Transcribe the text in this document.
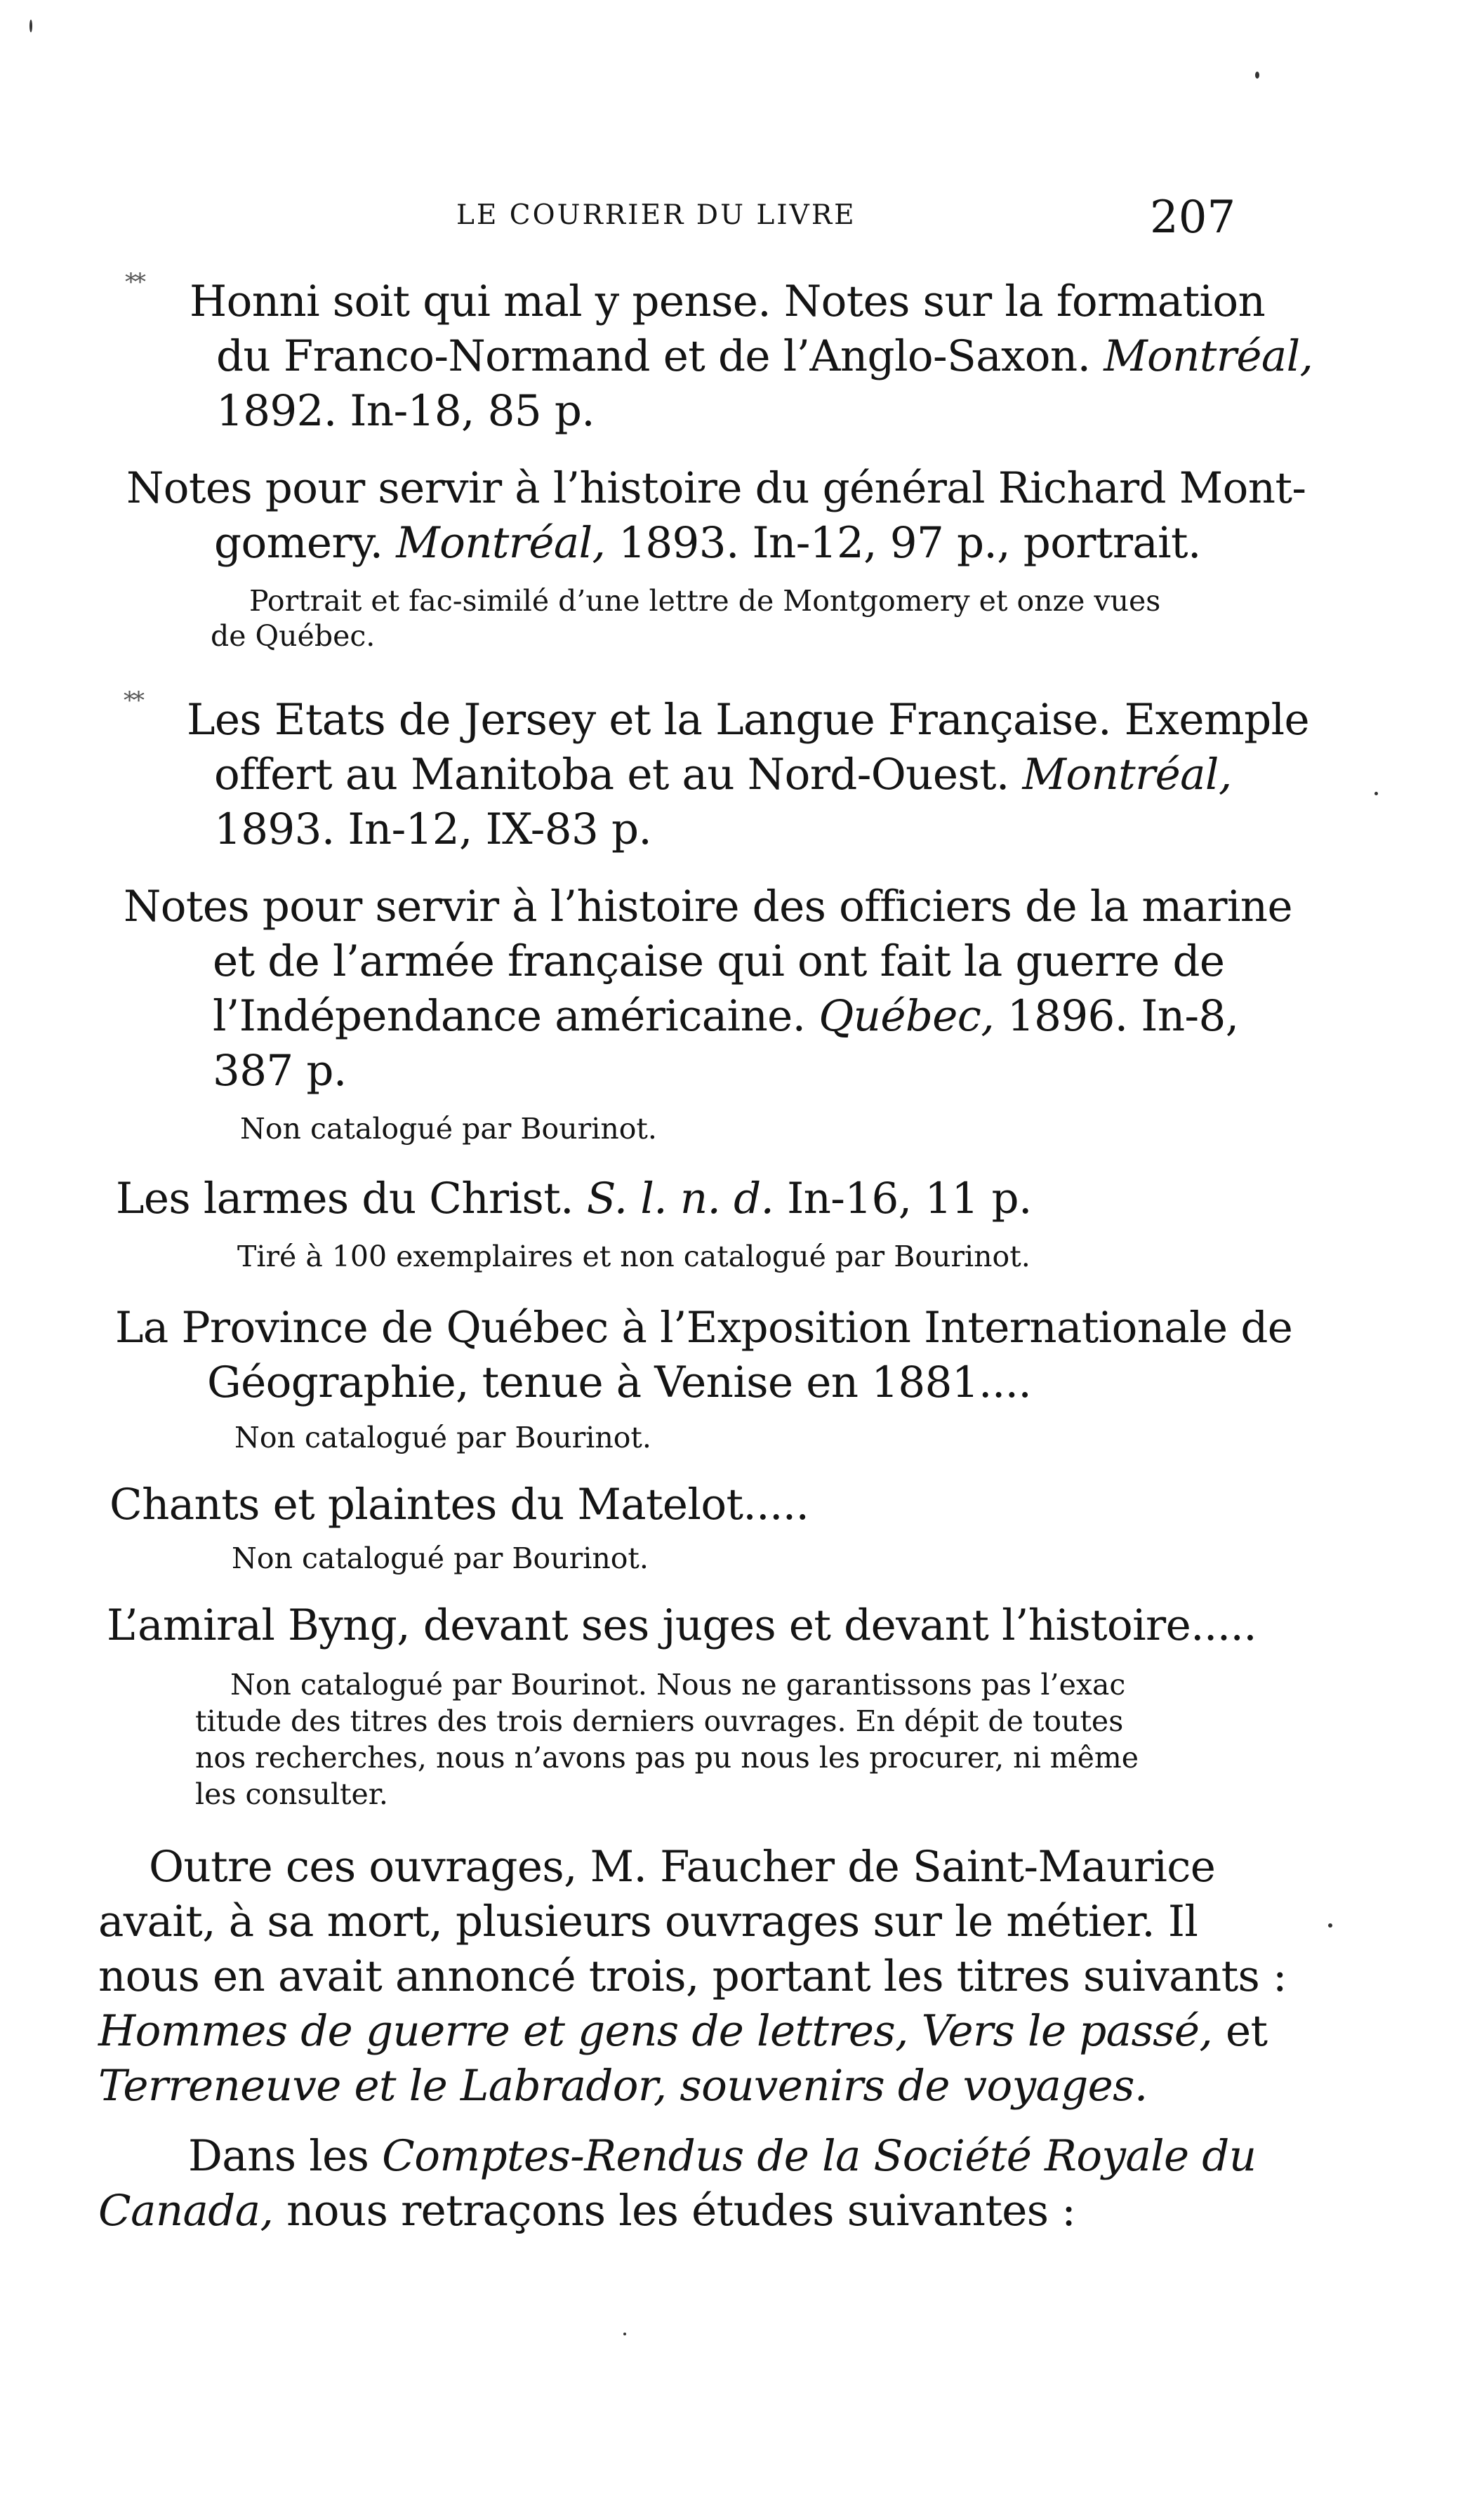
LE COURRIER DU LIVRE	207
** Honni soit qui mal y pense. Notes sur la formation
du Franco-Normand et de l’Anglo-Saxon. Montréal,
1892. In-18, 85 p.
Notes pour servir à l’histoire du général Richard Mont-
gomery. Montréal, 1893. In-12, 97 p., portrait.
Portrait et fac-similé d’une lettre de Montgomery et onze vues
de Québec.
** Les Etats de Jersey et la Langue Française. Exemple
offert au Manitoba et au Nord-Ouest. Montréal,
1893. In-12, IX-83 p.
Notes pour servir à l’histoire des officiers de la marine
et de l’armée française qui ont fait la guerre de
l’Indépendance américaine. Québec, 1896. In-8,
387 p.
Non catalogué par Bourinot.
Les larmes du Christ. S. l. n. d. In-16, 11 p.
Tiré à 100 exemplaires et non catalogué par Bourinot.
La Province de Québec à l’Exposition Internationale de
Géographie, tenue à Venise en 1881....
Non catalogué par Bourinot.
Chants et plaintes du Matelot.....
Non catalogué par Bourinot.
L’amiral Byng, devant ses juges et devant l’histoire.....
Non catalogué par Bourinot. Nous ne garantissons pas l’exac
titude des titres des trois derniers ouvrages. En dépit de toutes
nos recherches, nous n’avons pas pu nous les procurer, ni même
les consulter.
Outre ces ouvrages, M. Faucher de Saint-Maurice
avait, à sa mort, plusieurs ouvrages sur le métier. Il
nous en avait annoncé trois, portant les titres suivants :
Hommes de guerre et gens de lettres, Vers le passé, et
Terreneuve et le Labrador, souvenirs de voyages.
Dans les Comptes-Rendus de la Société Royale du
Canada, nous retraçons les études suivantes :
